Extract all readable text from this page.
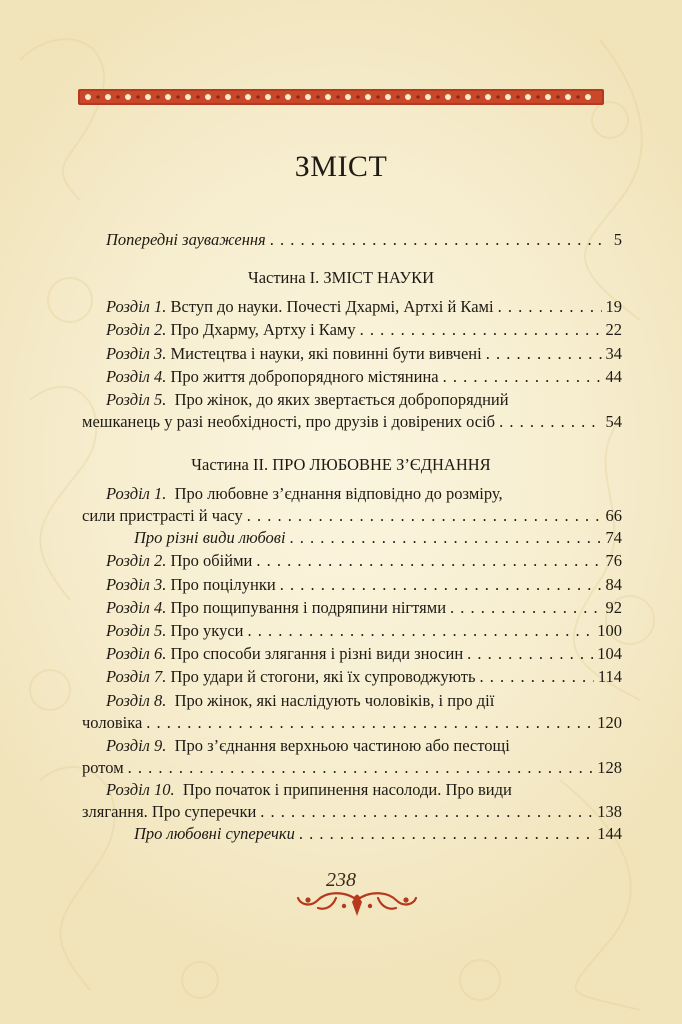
ЗМІСТ
Попередні зауваження . . .	5
Частина І. ЗМІСТ НАУКИ
Розділ 1.
Вступ до науки. Почесті Дхармі, Артхі й Камі . . .	19
Розділ 2.
Про Дхарму, Артху і Каму . . .	22
Розділ 3.
Мистецтва і науки, які повинні бути вивчені . . .	34
Розділ 4.
Про життя добропорядного містянина . . .	44
Розділ 5. Про жінок, до яких звертається добропорядний
мешканець у разі необхідності, про друзів і довірених осіб . . .	54
Частина ІІ. ПРО ЛЮБОВНЕ З’ЄДНАННЯ
Розділ 1. Про любовне з’єднання відповідно до розміру,
сили пристрасті й часу . . .	66
Про різні види любові . . .	74
Розділ 2.
Про обійми . . .	76
Розділ 3.
Про поцілунки . . .	84
Розділ 4.
Про пощипування і подряпини нігтями . . .	92
Розділ 5.
Про укуси . . .	100
Розділ 6.
Про способи злягання і різні види зносин . . .	104
Розділ 7.
Про удари й стогони, які їх супроводжують . . .	114
Розділ 8. Про жінок, які наслідують чоловіків, і про дії
чоловіка . . .	120
Розділ 9. Про з’єднання верхньою частиною або пестощі
ротом . . .	128
Розділ 10. Про початок і припинення насолоди. Про види
злягання. Про суперечки . . .	138
Про любовні суперечки . . .	144
238
